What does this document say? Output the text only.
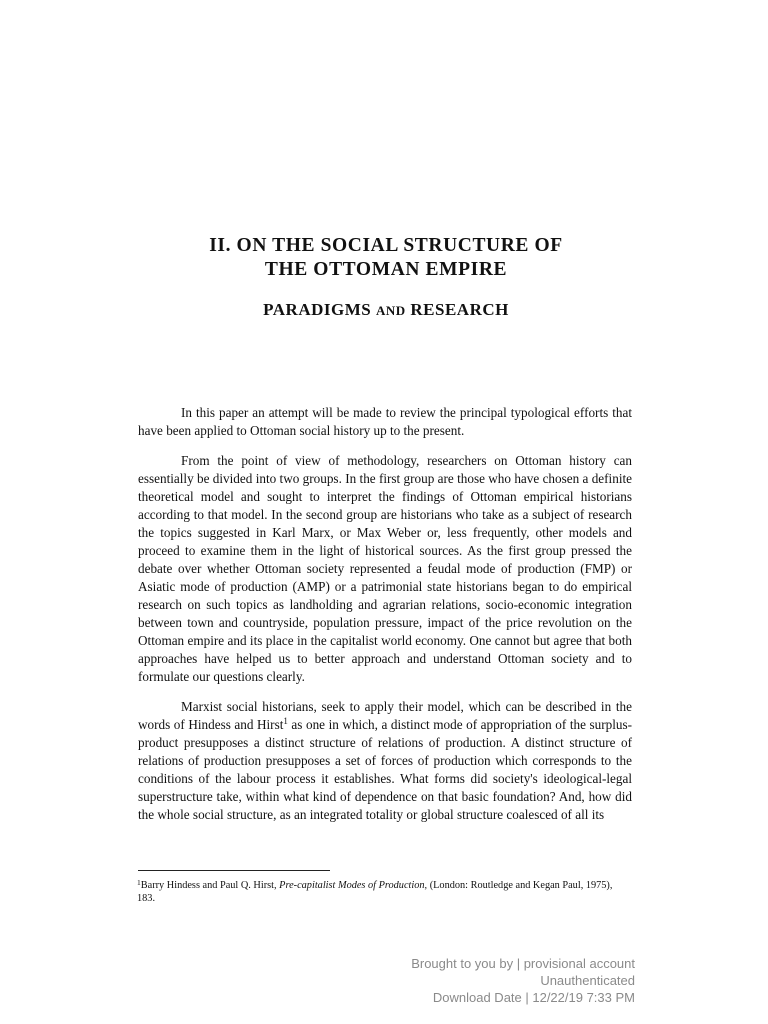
II. ON THE SOCIAL STRUCTURE OF
THE OTTOMAN EMPIRE
PARADIGMS AND RESEARCH

In this paper an attempt will be made to review the principal typological efforts that have been applied to Ottoman social history up to the present.

From the point of view of methodology, researchers on Ottoman history can essentially be divided into two groups. In the first group are those who have chosen a definite theoretical model and sought to interpret the findings of Ottoman empirical historians according to that model. In the second group are historians who take as a subject of research the topics suggested in Karl Marx, or Max Weber or, less frequently, other models and proceed to examine them in the light of historical sources. As the first group pressed the debate over whether Ottoman society represented a feudal mode of production (FMP) or Asiatic mode of production (AMP) or a patrimonial state historians began to do empirical research on such topics as landholding and agrarian relations, socio-economic integration between town and countryside, population pressure, impact of the price revolution on the Ottoman empire and its place in the capitalist world economy. One cannot but agree that both approaches have helped us to better approach and understand Ottoman society and to formulate our questions clearly.

Marxist social historians, seek to apply their model, which can be described in the words of Hindess and Hirst$^1$ as one in which, a distinct mode of appropriation of the surplus-product presupposes a distinct structure of relations of production. A distinct structure of relations of production presupposes a set of forces of production which corresponds to the conditions of the labour process it establishes. What forms did society's ideological-legal superstructure take, within what kind of dependence on that basic foundation? And, how did the whole social structure, as an integrated totality or global structure coalesced of all its

$^1$Barry Hindess and Paul Q. Hirst, Pre-capitalist Modes of Production, (London: Routledge and Kegan Paul, 1975), 183.
Brought to you by | provisional account
Unauthenticated
Download Date | 12/22/19 7:33 PM
